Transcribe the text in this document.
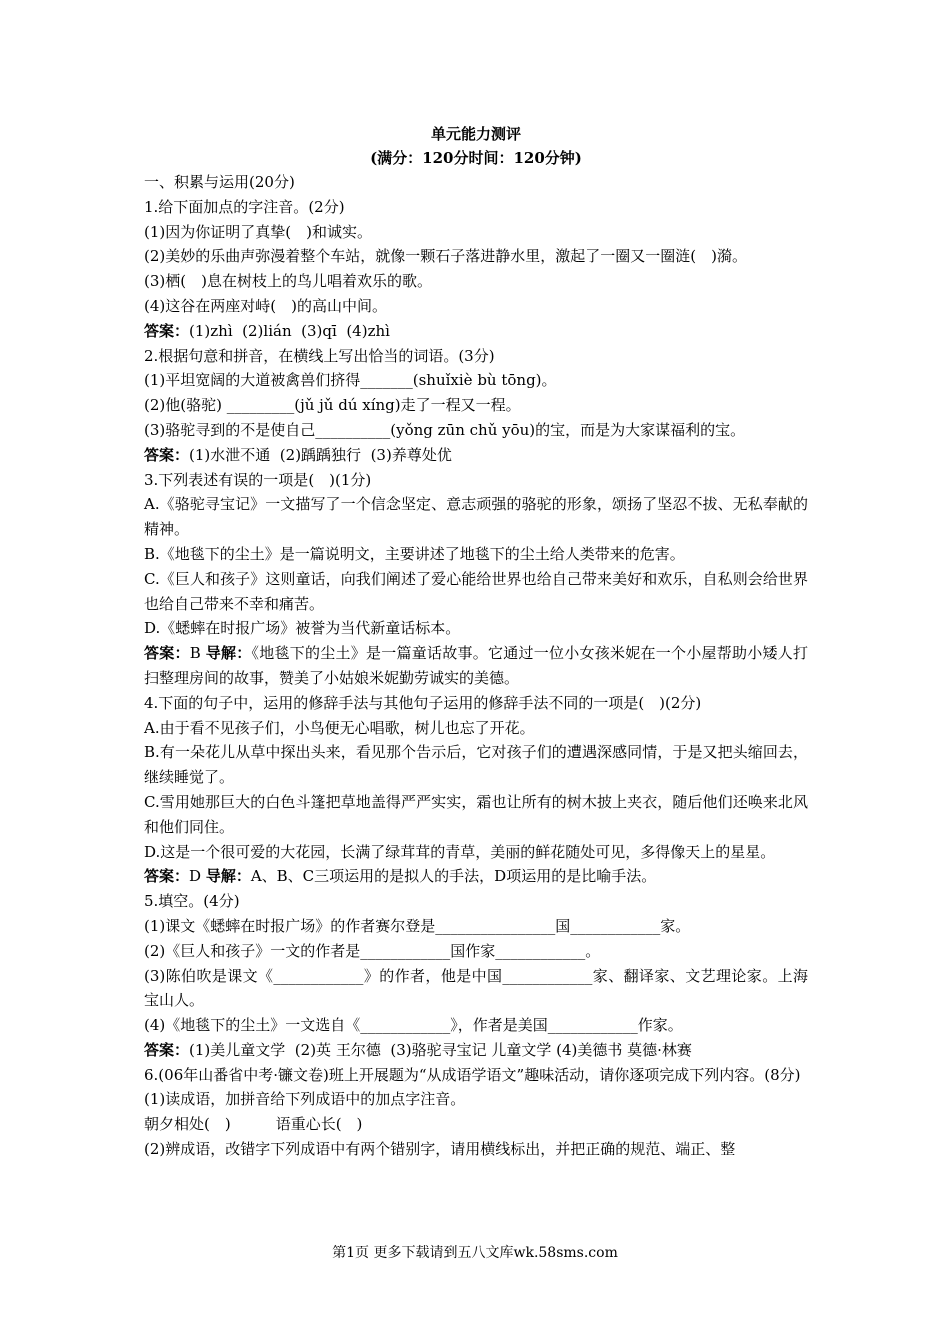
单元能力测评

(满分：120分时间：120分钟)

一、积累与运用(20分)

1.给下面加点的字注音。(2分)

(1)因为你证明了真挚(　)和诚实。

(2)美妙的乐曲声弥漫着整个车站，就像一颗石子落进静水里，激起了一圈又一圈涟(　)漪。

(3)栖(　)息在树枝上的鸟儿唱着欢乐的歌。

(4)这谷在两座对峙(　)的高山中间。

答案：(1)zhì  (2)lián  (3)qī  (4)zhì

2.根据句意和拼音，在横线上写出恰当的词语。(3分)

(1)平坦宽阔的大道被禽兽们挤得_______(shuǐxiè bù tōng)。

(2)他(骆驼) _________(jǔ jǔ dú xíng)走了一程又一程。

(3)骆驼寻到的不是使自己__________(yǒng zūn chǔ yōu)的宝，而是为大家谋福利的宝。

答案：(1)水泄不通  (2)踽踽独行  (3)养尊处优

3.下列表述有误的一项是(　)(1分)

A.《骆驼寻宝记》一文描写了一个信念坚定、意志顽强的骆驼的形象，颂扬了坚忍不拔、无私奉献的精神。

B.《地毯下的尘土》是一篇说明文，主要讲述了地毯下的尘土给人类带来的危害。

C.《巨人和孩子》这则童话，向我们阐述了爱心能给世界也给自己带来美好和欢乐，自私则会给世界也给自己带来不幸和痛苦。

D.《蟋蟀在时报广场》被誉为当代新童话标本。

答案：B 导解：《地毯下的尘土》是一篇童话故事。它通过一位小女孩米妮在一个小屋帮助小矮人打扫整理房间的故事，赞美了小姑娘米妮勤劳诚实的美德。

4.下面的句子中，运用的修辞手法与其他句子运用的修辞手法不同的一项是(　)(2分)

A.由于看不见孩子们，小鸟便无心唱歌，树儿也忘了开花。

B.有一朵花儿从草中探出头来，看见那个告示后，它对孩子们的遭遇深感同情，于是又把头缩回去，继续睡觉了。

C.雪用她那巨大的白色斗篷把草地盖得严严实实，霜也让所有的树木披上夹衣，随后他们还唤来北风和他们同住。

D.这是一个很可爱的大花园，长满了绿茸茸的青草，美丽的鲜花随处可见，多得像天上的星星。

答案：D 导解：A、B、C三项运用的是拟人的手法，D项运用的是比喻手法。

5.填空。(4分)

(1)课文《蟋蟀在时报广场》的作者赛尔登是________________国____________家。

(2)《巨人和孩子》一文的作者是____________国作家____________。

(3)陈伯吹是课文《____________》的作者，他是中国____________家、翻译家、文艺理论家。上海宝山人。

(4)《地毯下的尘土》一文选自《____________》，作者是美国____________作家。

答案：(1)美儿童文学  (2)英 王尔德  (3)骆驼寻宝记 儿童文学 (4)美德书 莫德·林赛

6.(06年山番省中考·镰文卷)班上开展题为“从成语学语文”趣味活动，请你逐项完成下列内容。(8分)

(1)读成语，加拼音给下列成语中的加点字注音。

朝夕相处(　)　　　语重心长(　)

(2)辨成语，改错字下列成语中有两个错别字，请用横线标出，并把正确的规范、端正、整

第1页 更多下载请到五八文库wk.58sms.com
